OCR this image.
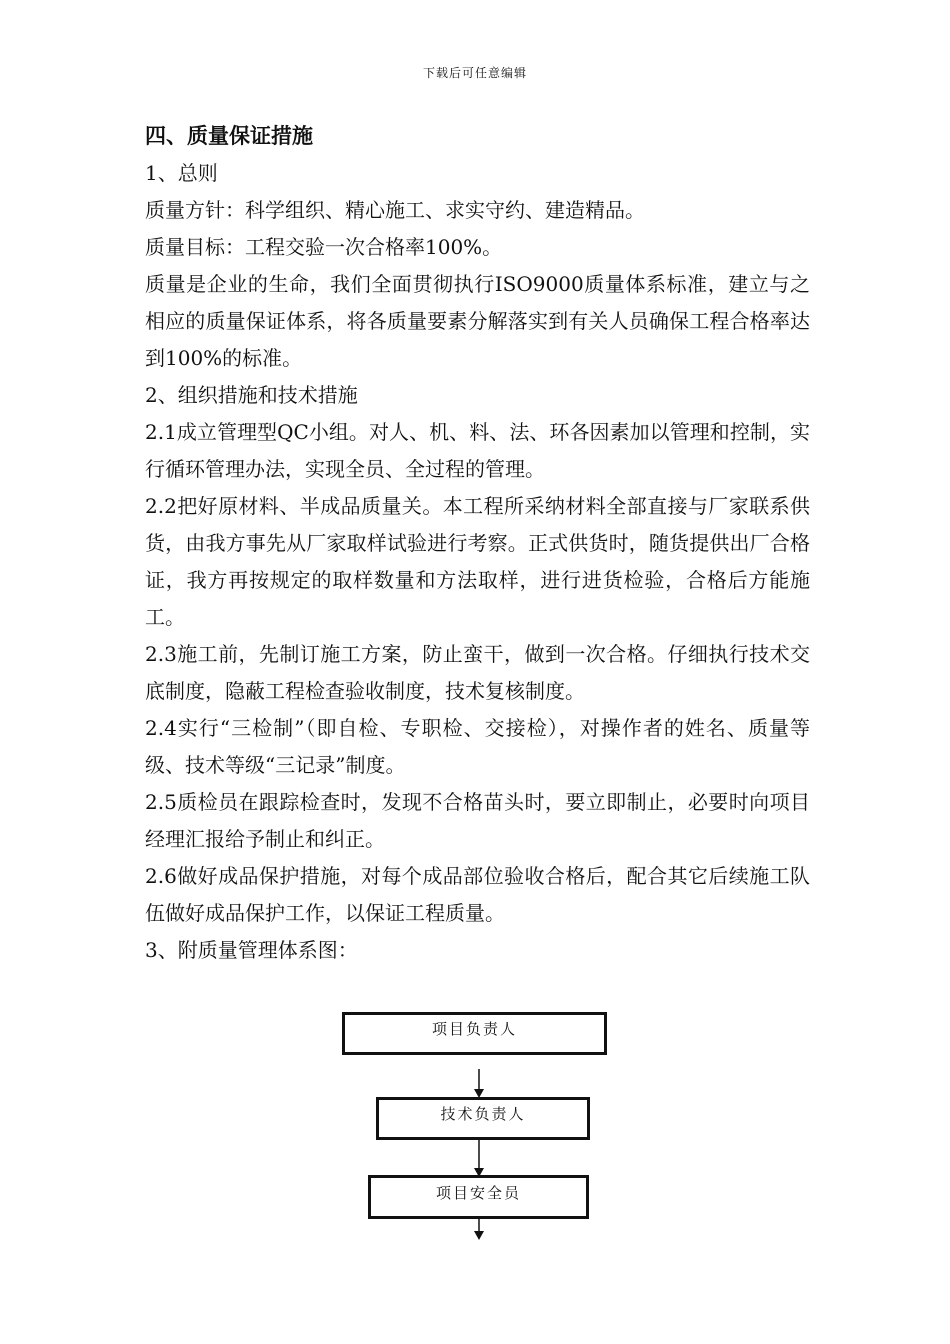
下载后可任意编辑
四、质量保证措施

1、总则

质量方针：科学组织、精心施工、求实守约、建造精品。

质量目标：工程交验一次合格率100%。

质量是企业的生命，我们全面贯彻执行ISO9000质量体系标准，建立与之相应的质量保证体系，将各质量要素分解落实到有关人员确保工程合格率达到100%的标准。

2、组织措施和技术措施

2.1成立管理型QC小组。对人、机、料、法、环各因素加以管理和控制，实行循环管理办法，实现全员、全过程的管理。

2.2把好原材料、半成品质量关。本工程所采纳材料全部直接与厂家联系供货，由我方事先从厂家取样试验进行考察。正式供货时，随货提供出厂合格证，我方再按规定的取样数量和方法取样，进行进货检验，合格后方能施工。

2.3施工前，先制订施工方案，防止蛮干，做到一次合格。仔细执行技术交底制度，隐蔽工程检查验收制度，技术复核制度。

2.4实行“三检制”（即自检、专职检、交接检），对操作者的姓名、质量等级、技术等级“三记录”制度。

2.5质检员在跟踪检查时，发现不合格苗头时，要立即制止，必要时向项目经理汇报给予制止和纠正。

2.6做好成品保护措施，对每个成品部位验收合格后，配合其它后续施工队伍做好成品保护工作，以保证工程质量。

3、附质量管理体系图：

项目负责人
技术负责人
项目安全员
